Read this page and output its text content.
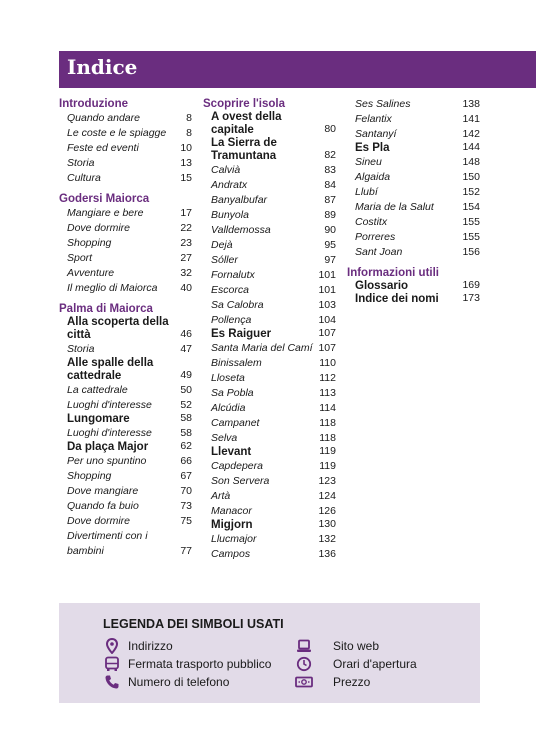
Indice
Introduzione
Quando andare	8
Le coste e le spiagge 8
Feste ed eventi	10
Storia	13
Cultura	15
Godersi Maiorca
Mangiare e bere	17
Dove dormire	22
Shopping	23
Sport	27
Avventure	32
Il meglio di Maiorca 40
Palma di Maiorca
Alla scoperta della città	46
Storia	47
Alle spalle della cattedrale	49
La cattedrale	50
Luoghi d'interesse	52
Lungomare	58
Luoghi d'interesse	58
Da plaça Major	62
Per uno spuntino	66
Shopping	67
Dove mangiare	70
Quando fa buio	73
Dove dormire	75
Divertimenti con i bambini	77
Scoprire l'isola
A ovest della capitale	80
La Sierra de Tramuntana	82
Calvià	83
Andratx	84
Banyalbufar	87
Bunyola	89
Valldemossa	90
Dejà	95
Sóller	97
Fornalutx	101
Escorca	101
Sa Calobra	103
Pollença	104
Es Raiguer	107
Santa Maria del Camí 107
Binissalem	110
Lloseta	112
Sa Pobla	113
Alcúdia	114
Campanet	118
Selva	118
Llevant	119
Capdepera	119
Son Servera	123
Artà	124
Manacor	126
Migjorn	130
Llucmajor	132
Campos	136
Ses Salines	138
Felantix	141
Santanyí	142
Es Pla	144
Sineu	148
Algaida	150
Llubí	152
Maria de la Salut	154
Costitx	155
Porreres	155
Sant Joan	156
Informazioni utili
Glossario	169
Indice dei nomi 173
LEGENDA DEI SIMBOLI USATI
Indirizzo
Fermata trasporto pubblico
Numero di telefono
Sito web
Orari d'apertura
Prezzo
